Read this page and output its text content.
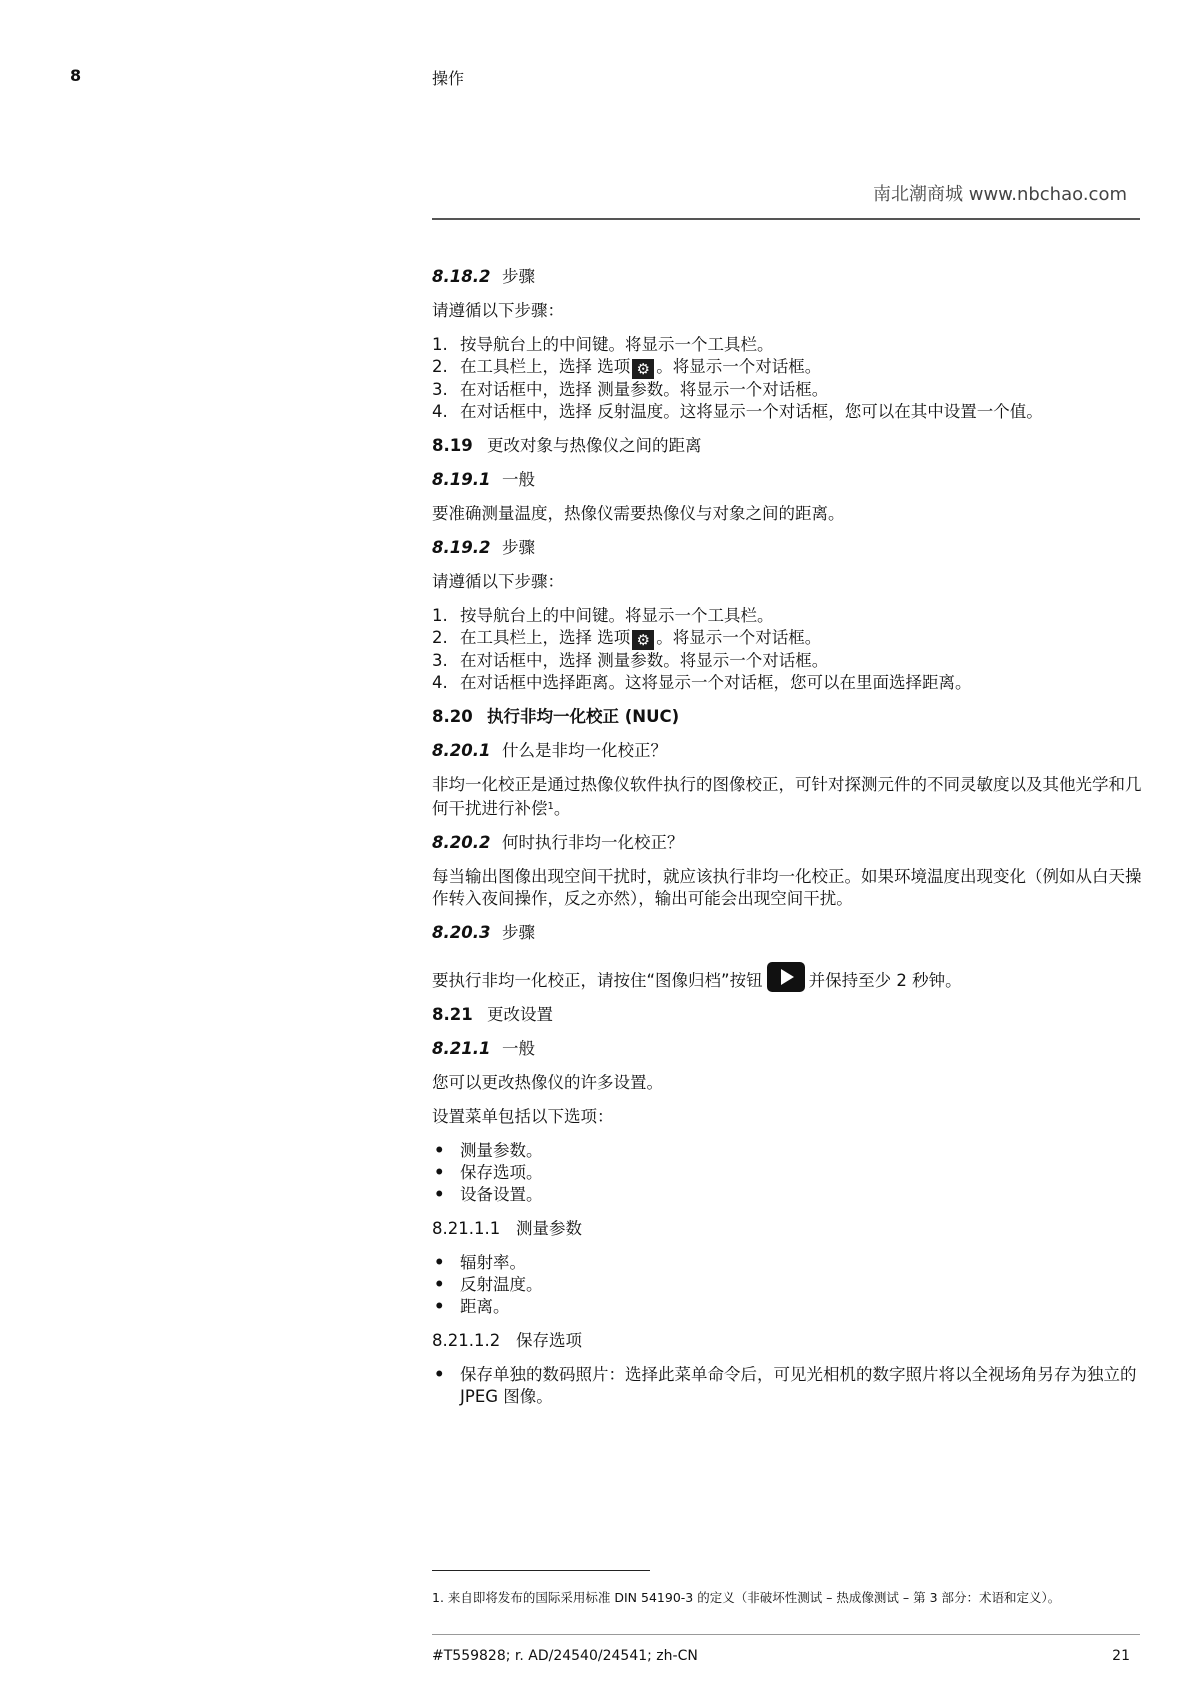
8	操作
南北潮商城 www.nbchao.com
8.18.2 步骤

请遵循以下步骤：

1. 按导航台上的中间键。将显示一个工具栏。
2. 在工具栏上，选择 选项 ⚙ 。将显示一个对话框。
3. 在对话框中，选择 测量参数。将显示一个对话框。
4. 在对话框中，选择 反射温度。这将显示一个对话框，您可以在其中设置一个值。
8.19 更改对象与热像仪之间的距离
8.19.1 一般

要准确测量温度，热像仪需要热像仪与对象之间的距离。

8.19.2 步骤

请遵循以下步骤：

1. 按导航台上的中间键。将显示一个工具栏。
2. 在工具栏上，选择 选项 ⚙ 。将显示一个对话框。
3. 在对话框中，选择 测量参数。将显示一个对话框。
4. 在对话框中选择距离。这将显示一个对话框，您可以在里面选择距离。
8.20 执行非均一化校正 (NUC)
8.20.1 什么是非均一化校正？

非均一化校正是通过热像仪软件执行的图像校正，可针对探测元件的不同灵敏度以及其他光学和几何干扰进行补偿$^1$。

8.20.2 何时执行非均一化校正？

每当输出图像出现空间干扰时，就应该执行非均一化校正。如果环境温度出现变化（例如从白天操作转入夜间操作，反之亦然），输出可能会出现空间干扰。

8.20.3 步骤

要执行非均一化校正，请按住“图像归档”按钮	并保持至少 2 秒钟。

8.21 更改设置
8.21.1 一般

您可以更改热像仪的许多设置。

设置菜单包括以下选项：

• 测量参数。
• 保存选项。
• 设备设置。
8.21.1.1 测量参数
• 辐射率。
• 反射温度。
• 距离。
8.21.1.2 保存选项
• 保存单独的数码照片：选择此菜单命令后，可见光相机的数字照片将以全视场角另存为独立的 JPEG 图像。
1. 来自即将发布的国际采用标准 DIN 54190-3 的定义（非破坏性测试 – 热成像测试 – 第 3 部分：术语和定义）。
#T559828; r. AD/24540/24541; zh-CN	21
